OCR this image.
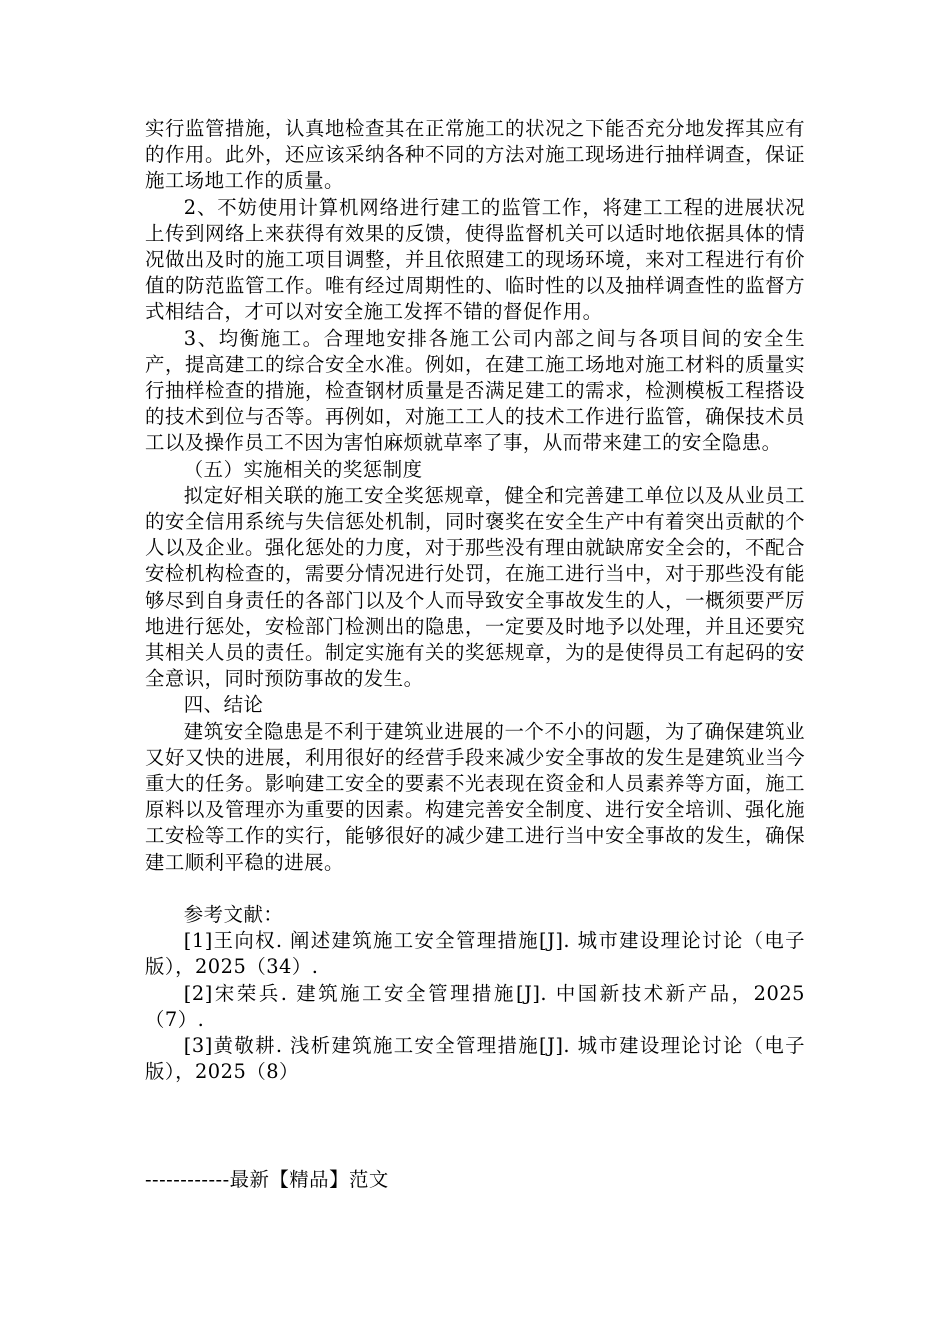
实行监管措施，认真地检查其在正常施工的状况之下能否充分地发挥其应有的作用。此外，还应该采纳各种不同的方法对施工现场进行抽样调查，保证施工场地工作的质量。

2、不妨使用计算机网络进行建工的监管工作，将建工工程的进展状况上传到网络上来获得有效果的反馈，使得监督机关可以适时地依据具体的情况做出及时的施工项目调整，并且依照建工的现场环境，来对工程进行有价值的防范监管工作。唯有经过周期性的、临时性的以及抽样调查性的监督方式相结合，才可以对安全施工发挥不错的督促作用。

3、均衡施工。合理地安排各施工公司内部之间与各项目间的安全生产，提高建工的综合安全水准。例如，在建工施工场地对施工材料的质量实行抽样检查的措施，检查钢材质量是否满足建工的需求，检测模板工程搭设的技术到位与否等。再例如，对施工工人的技术工作进行监管，确保技术员工以及操作员工不因为害怕麻烦就草率了事，从而带来建工的安全隐患。

（五）实施相关的奖惩制度

拟定好相关联的施工安全奖惩规章，健全和完善建工单位以及从业员工的安全信用系统与失信惩处机制，同时褒奖在安全生产中有着突出贡献的个人以及企业。强化惩处的力度，对于那些没有理由就缺席安全会的，不配合安检机构检查的，需要分情况进行处罚，在施工进行当中，对于那些没有能够尽到自身责任的各部门以及个人而导致安全事故发生的人，一概须要严厉地进行惩处，安检部门检测出的隐患，一定要及时地予以处理，并且还要究其相关人员的责任。制定实施有关的奖惩规章，为的是使得员工有起码的安全意识，同时预防事故的发生。

四、结论

建筑安全隐患是不利于建筑业进展的一个不小的问题，为了确保建筑业又好又快的进展，利用很好的经营手段来减少安全事故的发生是建筑业当今重大的任务。影响建工安全的要素不光表现在资金和人员素养等方面，施工原料以及管理亦为重要的因素。构建完善安全制度、进行安全培训、强化施工安检等工作的实行，能够很好的减少建工进行当中安全事故的发生，确保建工顺利平稳的进展。

参考文献：

[1]王向权. 阐述建筑施工安全管理措施[J]. 城市建设理论讨论（电子版），2025（34）.

[2]宋荣兵. 建筑施工安全管理措施[J]. 中国新技术新产品，2025（7）.

[3]黄敬耕. 浅析建筑施工安全管理措施[J]. 城市建设理论讨论（电子版），2025（8）

------------最新【精品】范文
